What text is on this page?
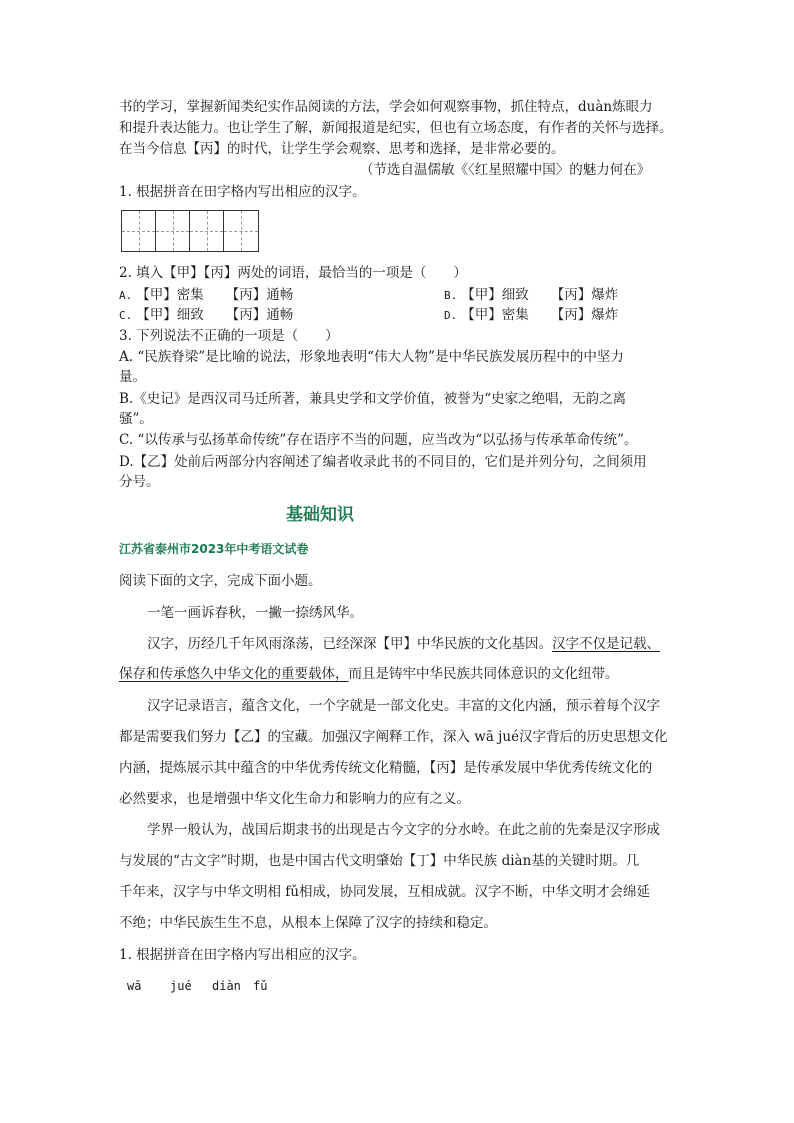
书的学习，掌握新闻类纪实作品阅读的方法，学会如何观察事物，抓住特点，duàn炼眼力
和提升表达能力。也让学生了解，新闻报道是纪实，但也有立场态度，有作者的关怀与选择。
在当今信息【丙】的时代，让学生学会观察、思考和选择，是非常必要的。
（节选自温儒敏《〈红星照耀中国〉的魅力何在》
1. 根据拼音在田字格内写出相应的汉字。
2. 填入【甲】【丙】两处的词语，最恰当的一项是（　　）
A. 【甲】密集 【丙】通畅	B. 【甲】细致 【丙】爆炸
C. 【甲】细致 【丙】通畅	D. 【甲】密集 【丙】爆炸
3. 下列说法不正确的一项是（　　）
A. “民族脊梁”是比喻的说法，形象地表明“伟大人物”是中华民族发展历程中的中坚力
量。
B.《史记》是西汉司马迁所著，兼具史学和文学价值，被誉为“史家之绝唱，无韵之离
骚”。
C. “以传承与弘扬革命传统”存在语序不当的问题，应当改为“以弘扬与传承革命传统”。
D.【乙】处前后两部分内容阐述了编者收录此书的不同目的，它们是并列分句，之间须用
分号。
基础知识
江苏省泰州市2023年中考语文试卷
阅读下面的文字，完成下面小题。
一笔一画诉春秋，一撇一捺绣风华。
汉字，历经几千年风雨涤荡，已经深深【甲】中华民族的文化基因。汉字不仅是记载、
保存和传承悠久中华文化的重要载体，而且是铸牢中华民族共同体意识的文化纽带。
汉字记录语言，蕴含文化，一个字就是一部文化史。丰富的文化内涵，预示着每个汉字
都是需要我们努力【乙】的宝藏。加强汉字阐释工作，深入 wā jué汉字背后的历史思想文化
内涵，提炼展示其中蕴含的中华优秀传统文化精髓，【丙】是传承发展中华优秀传统文化的
必然要求，也是增强中华文化生命力和影响力的应有之义。
学界一般认为，战国后期隶书的出现是古今文字的分水岭。在此之前的先秦是汉字形成
与发展的“古文字”时期，也是中国古代文明肇始【丁】中华民族 diàn基的关键时期。几
千年来，汉字与中华文明相 fǔ相成，协同发展，互相成就。汉字不断，中华文明才会绵延
不绝；中华民族生生不息，从根本上保障了汉字的持续和稳定。
1. 根据拼音在田字格内写出相应的汉字。
wā jué diàn fǔ
